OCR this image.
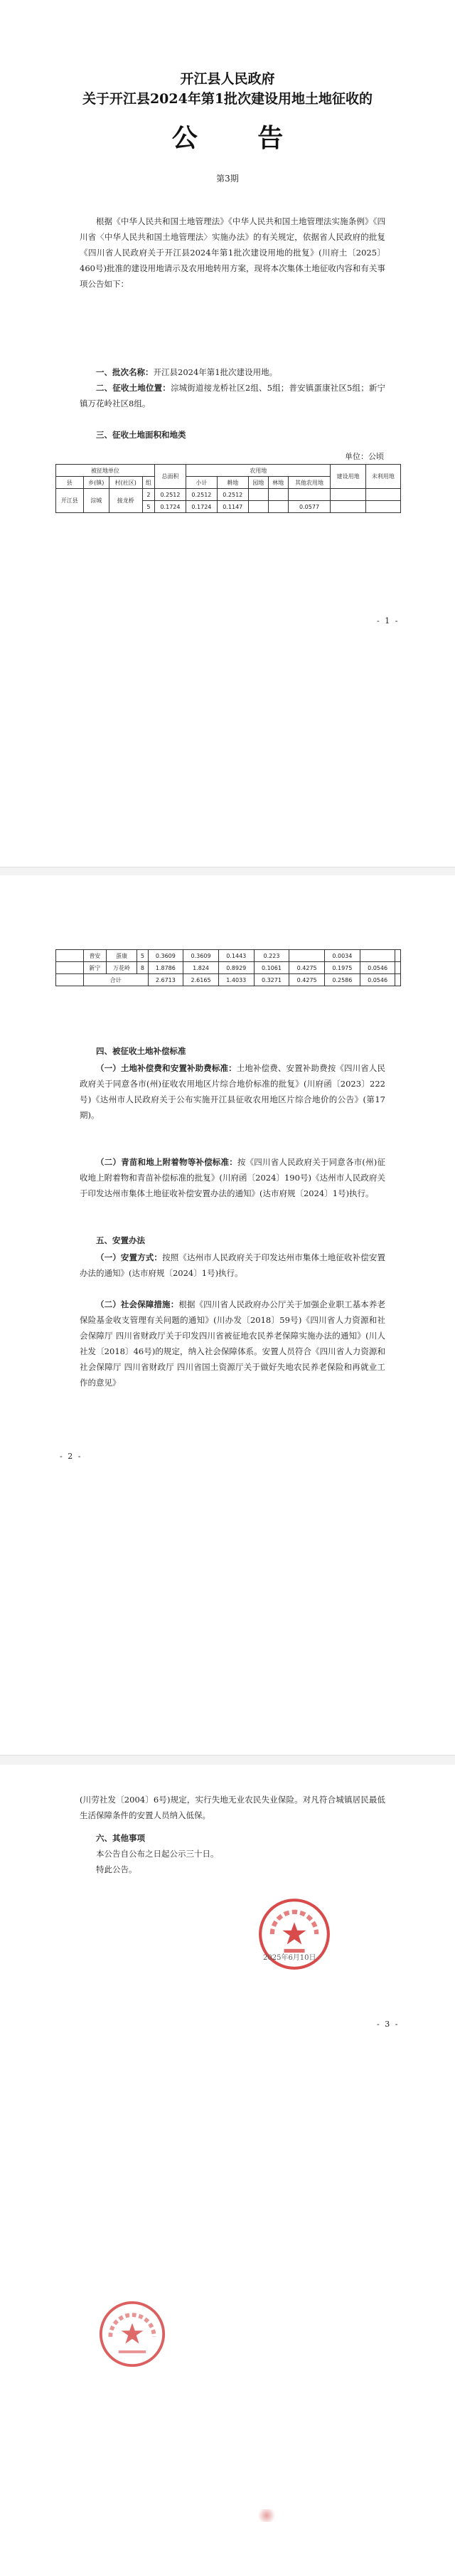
开江县人民政府
关于开江县2024年第1批次建设用地土地征收的
公 告
第3期
根据《中华人民共和国土地管理法》《中华人民共和国土地管理法实施条例》《四川省〈中华人民共和国土地管理法〉实施办法》的有关规定，依据省人民政府的批复《四川省人民政府关于开江县2024年第1批次建设用地的批复》(川府土〔2025〕460号)批准的建设用地请示及农用地转用方案，现将本次集体土地征收内容和有关事项公告如下：
一、批次名称：开江县2024年第1批次建设用地。
二、征收土地位置：淙城街道接龙桥社区2组、5组；普安镇蛋康社区5组；新宁镇万花岭社区8组。
三、征收土地面积和地类
单位：公顷
被征地单位				总面积	农用地					建设用地	未利用地
县	乡(镇)	村(社区)	组		小计	耕地	园地	林地	其他农用地		
开江县	淙城	接龙桥	2	0.2512	0.2512	0.2512					
			5	0.1724	0.1724	0.1147			0.0577		
- 1 -
	普安	蛋康	5	0.3609	0.3609	0.1443	0.223		0.0034		
	新宁	万花岭	8	1.8786	1.824	0.8929	0.1061	0.4275	0.1975	0.0546	
	合计			2.6713	2.6165	1.4033	0.3271	0.4275	0.2586	0.0546	
四、被征收土地补偿标准
（一）土地补偿费和安置补助费标准：土地补偿费、安置补助费按《四川省人民政府关于同意各市(州)征收农用地区片综合地价标准的批复》(川府函〔2023〕222号)《达州市人民政府关于公布实施开江县征收农用地区片综合地价的公告》(第17期)。
（二）青苗和地上附着物等补偿标准：按《四川省人民政府关于同意各市(州)征收地上附着物和青苗补偿标准的批复》(川府函〔2024〕190号)《达州市人民政府关于印发达州市集体土地征收补偿安置办法的通知》(达市府规〔2024〕1号)执行。
五、安置办法
（一）安置方式：按照《达州市人民政府关于印发达州市集体土地征收补偿安置办法的通知》(达市府规〔2024〕1号)执行。
（二）社会保障措施：根据《四川省人民政府办公厅关于加强企业职工基本养老保险基金收支管理有关问题的通知》(川办发〔2018〕59号)《四川省人力资源和社会保障厅 四川省财政厅关于印发四川省被征地农民养老保障实施办法的通知》(川人社发〔2018〕46号)的规定，纳入社会保障体系。安置人员符合《四川省人力资源和社会保障厅 四川省财政厅 四川省国土资源厅关于做好失地农民养老保险和再就业工作的意见》
- 2 -
(川劳社发〔2004〕6号)规定，实行失地无业农民失业保险。对凡符合城镇居民最低生活保障条件的安置人员纳入低保。
六、其他事项
本公告自公布之日起公示三十日。
特此公告。
2025年6月10日
- 3 -
